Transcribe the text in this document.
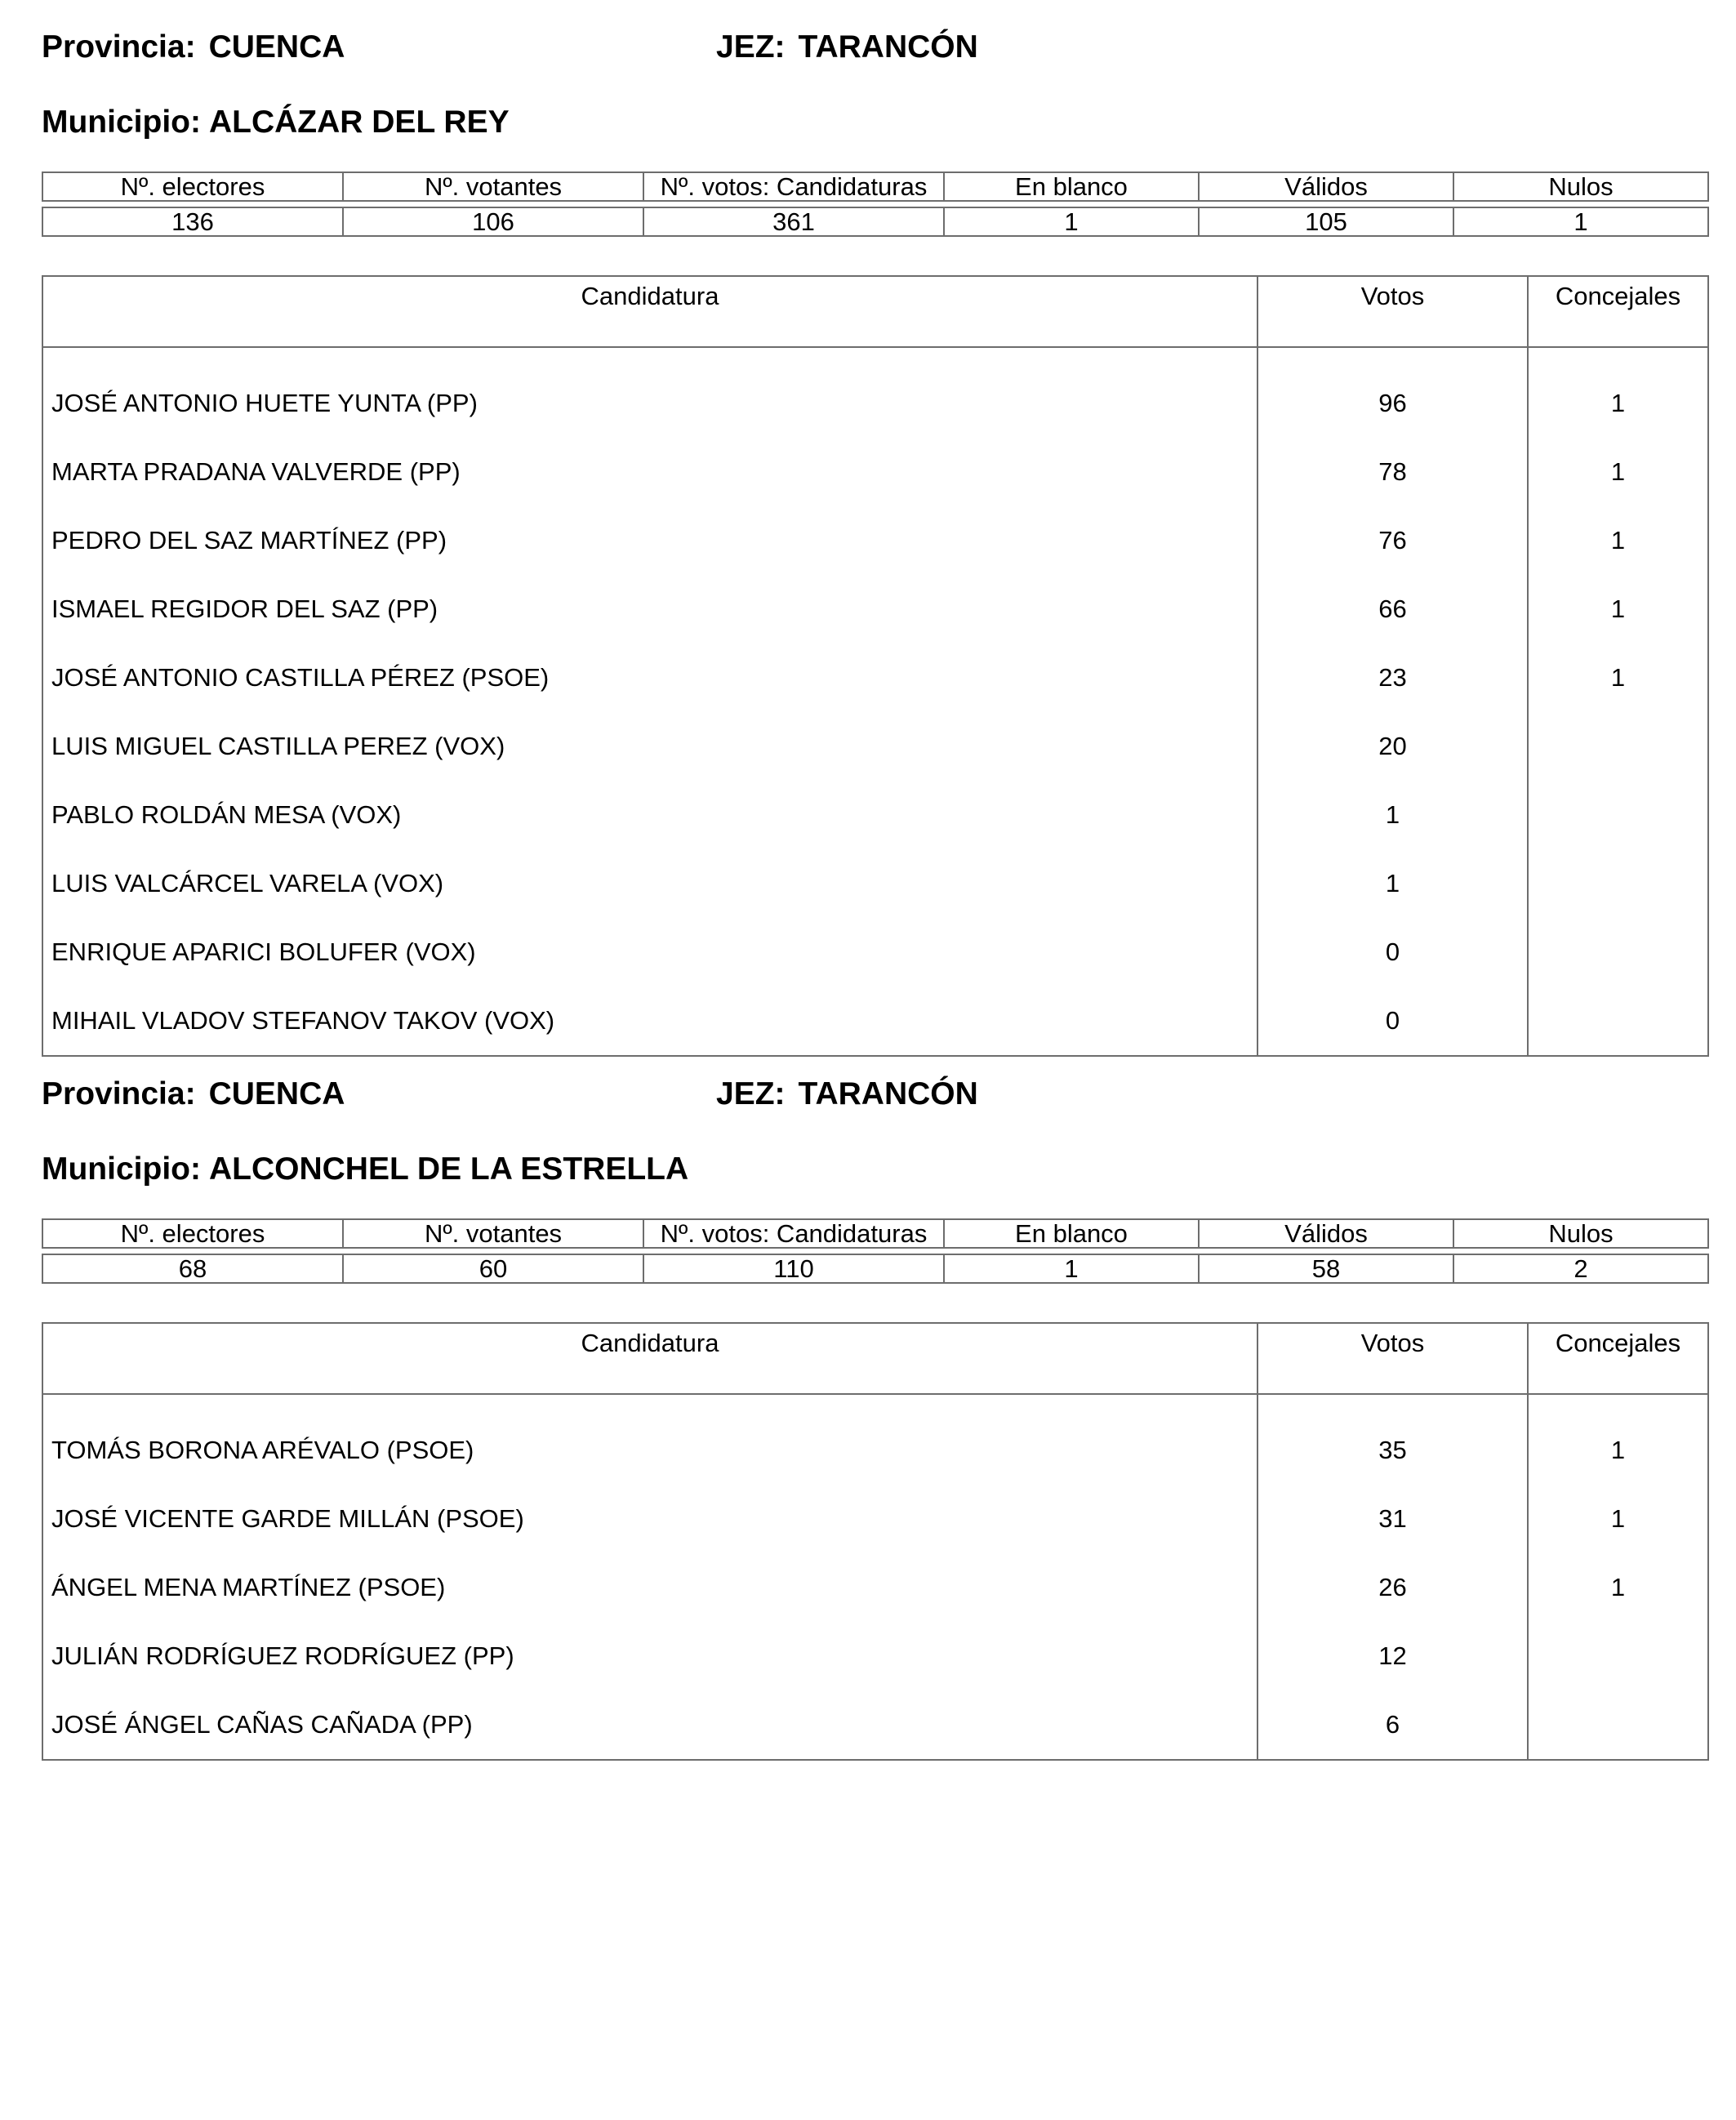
Provincia: CUENCA	JEZ: TARANCÓN
Municipio: ALCÁZAR DEL REY
Nº. electores	Nº. votantes	Nº. votos: Candidaturas	En blanco	Válidos	Nulos

136	106	361	1	105	1
Candidatura	Votos	Concejales
JOSÉ ANTONIO HUETE YUNTA (PP)	96	1
MARTA PRADANA VALVERDE (PP)	78	1
PEDRO DEL SAZ MARTÍNEZ (PP)	76	1
ISMAEL REGIDOR DEL SAZ (PP)	66	1
JOSÉ ANTONIO CASTILLA PÉREZ (PSOE)	23	1
LUIS MIGUEL CASTILLA PEREZ (VOX)	20	
PABLO ROLDÁN MESA (VOX)	1	
LUIS VALCÁRCEL VARELA (VOX)	1	
ENRIQUE APARICI BOLUFER (VOX)	0	
MIHAIL VLADOV STEFANOV TAKOV (VOX)	0	
Provincia: CUENCA	JEZ: TARANCÓN
Municipio: ALCONCHEL DE LA ESTRELLA
Nº. electores	Nº. votantes	Nº. votos: Candidaturas	En blanco	Válidos	Nulos

68	60	110	1	58	2
Candidatura	Votos	Concejales
TOMÁS BORONA ARÉVALO (PSOE)	35	1
JOSÉ VICENTE GARDE MILLÁN (PSOE)	31	1
ÁNGEL MENA MARTÍNEZ (PSOE)	26	1
JULIÁN RODRÍGUEZ RODRÍGUEZ (PP)	12	
JOSÉ ÁNGEL CAÑAS CAÑADA (PP)	6	
